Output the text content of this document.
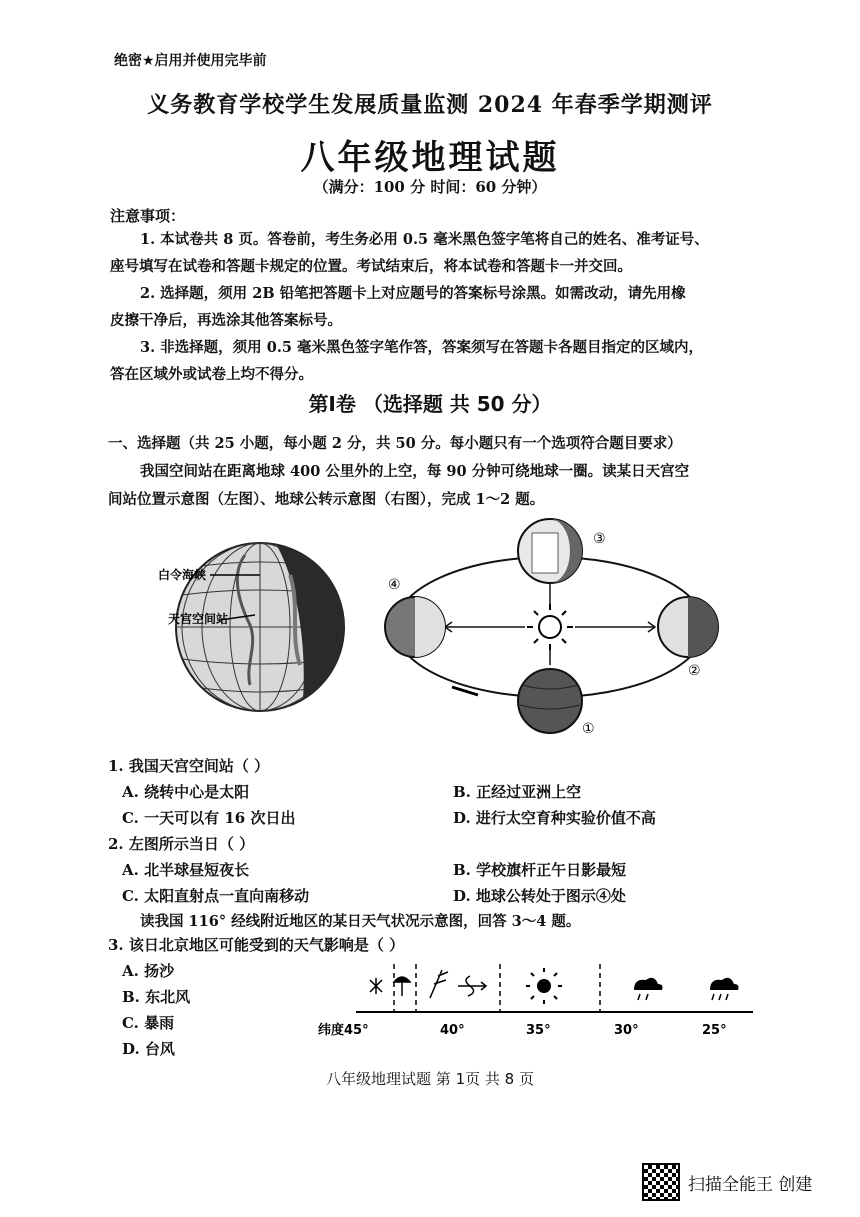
绝密★启用并使用完毕前
义务教育学校学生发展质量监测 2024 年春季学期测评
八年级地理试题
（满分：100 分 时间：60 分钟）
注意事项：
1. 本试卷共 8 页。答卷前，考生务必用 0.5 毫米黑色签字笔将自己的姓名、准考证号、
座号填写在试卷和答题卡规定的位置。考试结束后，将本试卷和答题卡一并交回。
2. 选择题，须用 2B 铅笔把答题卡上对应题号的答案标号涂黑。如需改动，请先用橡
皮擦干净后，再选涂其他答案标号。
3. 非选择题，须用 0.5 毫米黑色签字笔作答，答案须写在答题卡各题目指定的区域内，
答在区域外或试卷上均不得分。
第Ⅰ卷 （选择题 共 50 分）
一、选择题（共 25 小题，每小题 2 分，共 50 分。每小题只有一个选项符合题目要求）
我国空间站在距离地球 400 公里外的上空，每 90 分钟可绕地球一圈。读某日天宫空
间站位置示意图（左图）、地球公转示意图（右图），完成 1～2 题。
白令海峡
天宫空间站
③
④
②
①
1. 我国天宫空间站（ ）
A. 绕转中心是太阳	B. 正经过亚洲上空
C. 一天可以有 16 次日出	D. 进行太空育种实验价值不高
2. 左图所示当日（ ）
A. 北半球昼短夜长	B. 学校旗杆正午日影最短
C. 太阳直射点一直向南移动	D. 地球公转处于图示④处
读我国 116° 经线附近地区的某日天气状况示意图，回答 3～4 题。
3. 该日北京地区可能受到的天气影响是（ ）
A. 扬沙
B. 东北风
C. 暴雨
D. 台风
纬度45°	40°	35°	30°	25°
八年级地理试题 第 1页 共 8 页
扫描全能王 创建
